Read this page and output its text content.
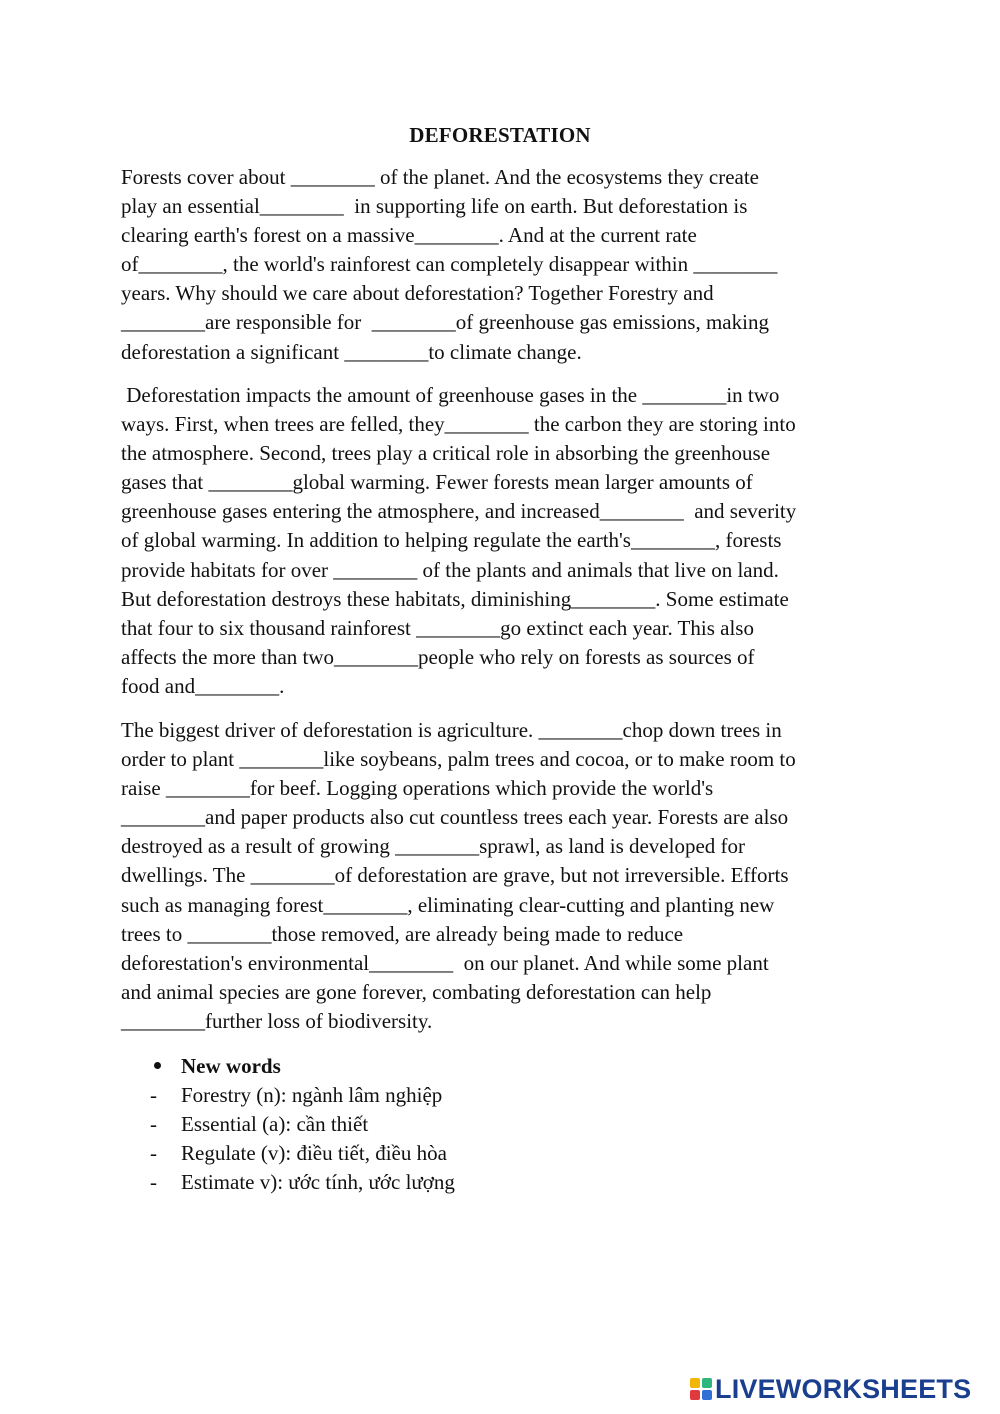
DEFORESTATION
Forests cover about ________ of the planet. And the ecosystems they create
play an essential________  in supporting life on earth. But deforestation is
clearing earth's forest on a massive________. And at the current rate
of________, the world's rainforest can completely disappear within ________
years. Why should we care about deforestation? Together Forestry and
________are responsible for  ________of greenhouse gas emissions, making
deforestation a significant ________to climate change.
Deforestation impacts the amount of greenhouse gases in the ________in two
ways. First, when trees are felled, they________ the carbon they are storing into
the atmosphere. Second, trees play a critical role in absorbing the greenhouse
gases that ________global warming. Fewer forests mean larger amounts of
greenhouse gases entering the atmosphere, and increased________  and severity
of global warming. In addition to helping regulate the earth's________, forests
provide habitats for over ________ of the plants and animals that live on land.
But deforestation destroys these habitats, diminishing________. Some estimate
that four to six thousand rainforest ________go extinct each year. This also
affects the more than two________people who rely on forests as sources of
food and________.
The biggest driver of deforestation is agriculture. ________chop down trees in
order to plant ________like soybeans, palm trees and cocoa, or to make room to
raise ________for beef. Logging operations which provide the world's
________and paper products also cut countless trees each year. Forests are also
destroyed as a result of growing ________sprawl, as land is developed for
dwellings. The ________of deforestation are grave, but not irreversible. Efforts
such as managing forest________, eliminating clear-cutting and planting new
trees to ________those removed, are already being made to reduce
deforestation's environmental________  on our planet. And while some plant
and animal species are gone forever, combating deforestation can help
________further loss of biodiversity.
New words
-	Forestry (n): ngành lâm nghiệp
-	Essential (a): cần thiết
-	Regulate (v): điều tiết, điều hòa
-	Estimate v): ước tính, ước lượng
LIVEWORKSHEETS
